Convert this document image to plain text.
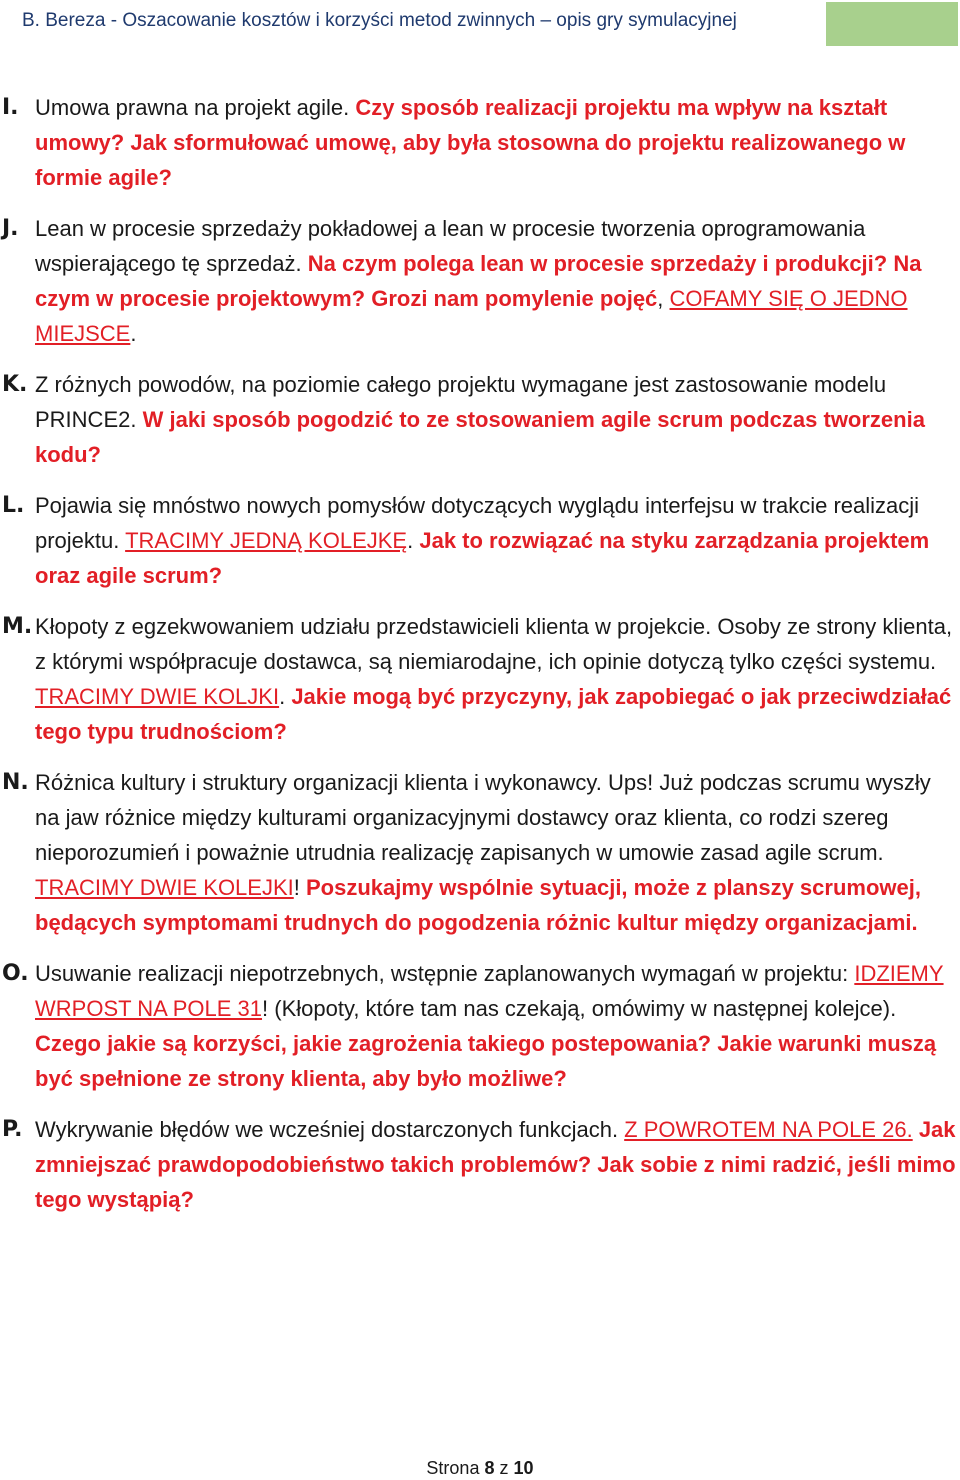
B. Bereza - Oszacowanie kosztów i korzyści metod zwinnych – opis gry symulacyjnej
I. Umowa prawna na projekt agile. Czy sposób realizacji projektu ma wpływ na kształt umowy? Jak sformułować umowę, aby była stosowna do projektu realizowanego w formie agile?
J. Lean w procesie sprzedaży pokładowej a lean w procesie tworzenia oprogramowania wspierającego tę sprzedaż. Na czym polega lean w procesie sprzedaży i produkcji? Na czym w procesie projektowym? Grozi nam pomylenie pojęć, COFAMY SIĘ O JEDNO MIEJSCE.
K. Z różnych powodów, na poziomie całego projektu wymagane jest zastosowanie modelu PRINCE2. W jaki sposób pogodzić to ze stosowaniem agile scrum podczas tworzenia kodu?
L. Pojawia się mnóstwo nowych pomysłów dotyczących wyglądu interfejsu w trakcie realizacji projektu. TRACIMY JEDNĄ KOLEJKĘ. Jak to rozwiązać na styku zarządzania projektem oraz agile scrum?
M. Kłopoty z egzekwowaniem udziału przedstawicieli klienta w projekcie. Osoby ze strony klienta, z którymi współpracuje dostawca, są niemiarodajne, ich opinie dotyczą tylko części systemu. TRACIMY DWIE KOLJKI. Jakie mogą być przyczyny, jak zapobiegać o jak przeciwdziałać tego typu trudnościom?
N. Różnica kultury i struktury organizacji klienta i wykonawcy. Ups! Już podczas scrumu wyszły na jaw różnice między kulturami organizacyjnymi dostawcy oraz klienta, co rodzi szereg nieporozumień i poważnie utrudnia realizację zapisanych w umowie zasad agile scrum. TRACIMY DWIE KOLEJKI! Poszukajmy wspólnie sytuacji, może z planszy scrumowej, będących symptomami trudnych do pogodzenia różnic kultur między organizacjami.
O. Usuwanie realizacji niepotrzebnych, wstępnie zaplanowanych wymagań w projektu: IDZIEMY WRPOST NA POLE 31! (Kłopoty, które tam nas czekają, omówimy w następnej kolejce). Czego jakie są korzyści, jakie zagrożenia takiego postepowania? Jakie warunki muszą być spełnione ze strony klienta, aby było możliwe?
P. Wykrywanie błędów we wcześniej dostarczonych funkcjach. Z POWROTEM NA POLE 26. Jak zmniejszać prawdopodobieństwo takich problemów? Jak sobie z nimi radzić, jeśli mimo tego wystąpią?
Strona 8 z 10
